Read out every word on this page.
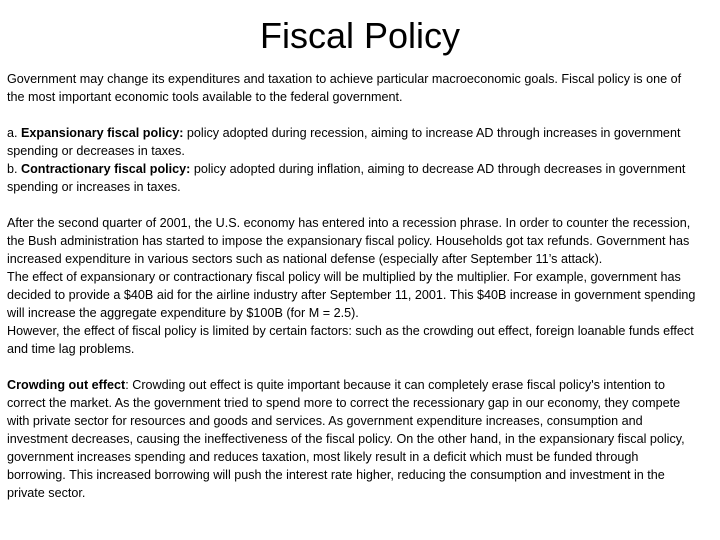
Fiscal Policy

Government may change its expenditures and taxation to achieve particular macroeconomic goals. Fiscal policy is one of the most important economic tools available to the federal government.

a. Expansionary fiscal policy: policy adopted during recession, aiming to increase AD through increases in government spending or decreases in taxes.

b. Contractionary fiscal policy: policy adopted during inflation, aiming to decrease AD through decreases in government spending or increases in taxes.

After the second quarter of 2001, the U.S. economy has entered into a recession phrase. In order to counter the recession, the Bush administration has started to impose the expansionary fiscal policy. Households got tax refunds. Government has increased expenditure in various sectors such as national defense (especially after September 11’s attack).

The effect of expansionary or contractionary fiscal policy will be multiplied by the multiplier. For example, government has decided to provide a $40B aid for the airline industry after September 11, 2001. This $40B increase in government spending will increase the aggregate expenditure by $100B (for M = 2.5).

However, the effect of fiscal policy is limited by certain factors: such as the crowding out effect, foreign loanable funds effect and time lag problems.

Crowding out effect: Crowding out effect is quite important because it can completely erase fiscal policy's intention to correct the market. As the government tried to spend more to correct the recessionary gap in our economy, they compete with private sector for resources and goods and services. As government expenditure increases, consumption and investment decreases, causing the ineffectiveness of the fiscal policy. On the other hand, in the expansionary fiscal policy, government increases spending and reduces taxation, most likely result in a deficit which must be funded through borrowing. This increased borrowing will push the interest rate higher, reducing the consumption and investment in the private sector.
